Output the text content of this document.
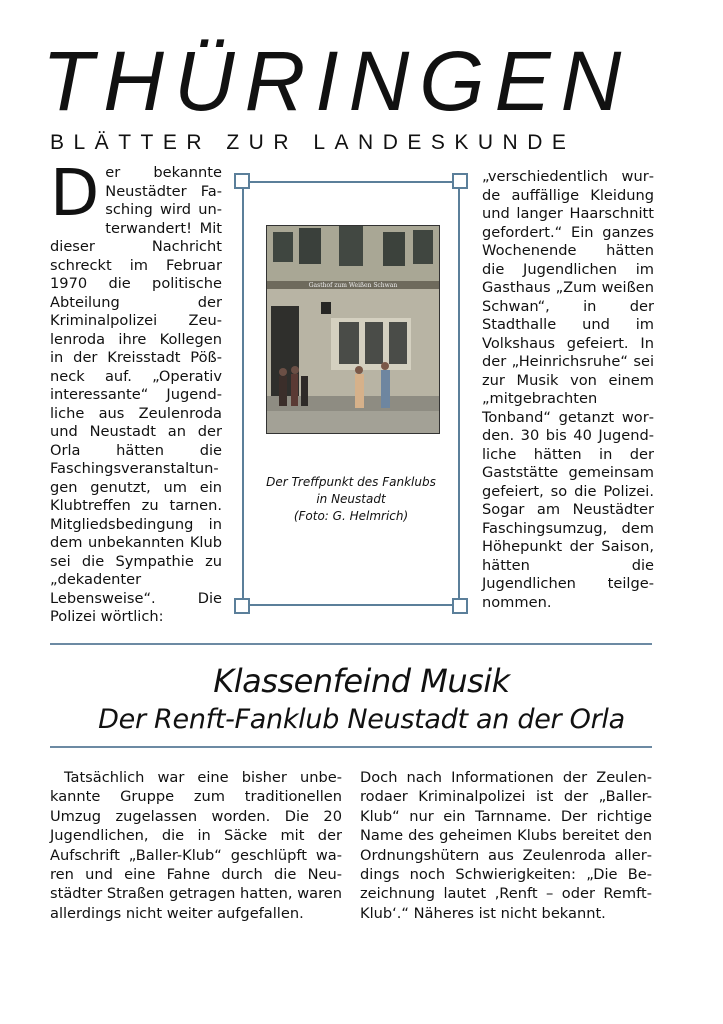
THÜRINGEN
BLÄTTER ZUR LANDESKUNDE
Der bekannte Neustädter Fasching wird unterwandert! Mit dieser Nachricht schreckt im Februar 1970 die politische Abteilung der Kriminalpolizei Zeulenroda ihre Kollegen in der Kreisstadt Pößneck auf. „Operativ interessante“ Jugendliche aus Zeulenroda und Neustadt an der Orla hätten die Faschingsveranstaltungen genutzt, um ein Klubtreffen zu tarnen. Mitgliedsbedingung in dem unbekannten Klub sei die Sympathie zu „dekadenter Lebensweise“. Die Polizei wörtlich:
Gasthof zum Weißen Schwan
Der Treffpunkt des Fanklubs
in Neustadt
(Foto: G. Helmrich)
„verschiedentlich wurde auffällige Kleidung und langer Haarschnitt gefordert.“ Ein ganzes Wochenende hätten die Jugendlichen im Gasthaus „Zum weißen Schwan“, in der Stadthalle und im Volkshaus gefeiert. In der „Heinrichsruhe“ sei zur Musik von einem „mitgebrachten Tonband“ getanzt worden. 30 bis 40 Jugendliche hätten in der Gaststätte gemeinsam gefeiert, so die Polizei. Sogar am Neustädter Faschingsumzug, dem Höhepunkt der Saison, hätten die Jugendlichen teilgenommen.
Klassenfeind Musik
Der Renft-Fanklub Neustadt an der Orla
Tatsächlich war eine bisher unbekannte Gruppe zum traditionellen Umzug zugelassen worden. Die 20 Jugendlichen, die in Säcke mit der Aufschrift „Baller-Klub“ geschlüpft waren und eine Fahne durch die Neustädter Straßen getragen hatten, waren allerdings nicht weiter aufgefallen.
Doch nach Informationen der Zeulenrodaer Kriminalpolizei ist der „Baller-Klub“ nur ein Tarnname. Der richtige Name des geheimen Klubs bereitet den Ordnungshütern aus Zeulenroda allerdings noch Schwierigkeiten: „Die Bezeichnung lautet ‚Renft – oder Remft-Klub‘.“ Näheres ist nicht bekannt.
